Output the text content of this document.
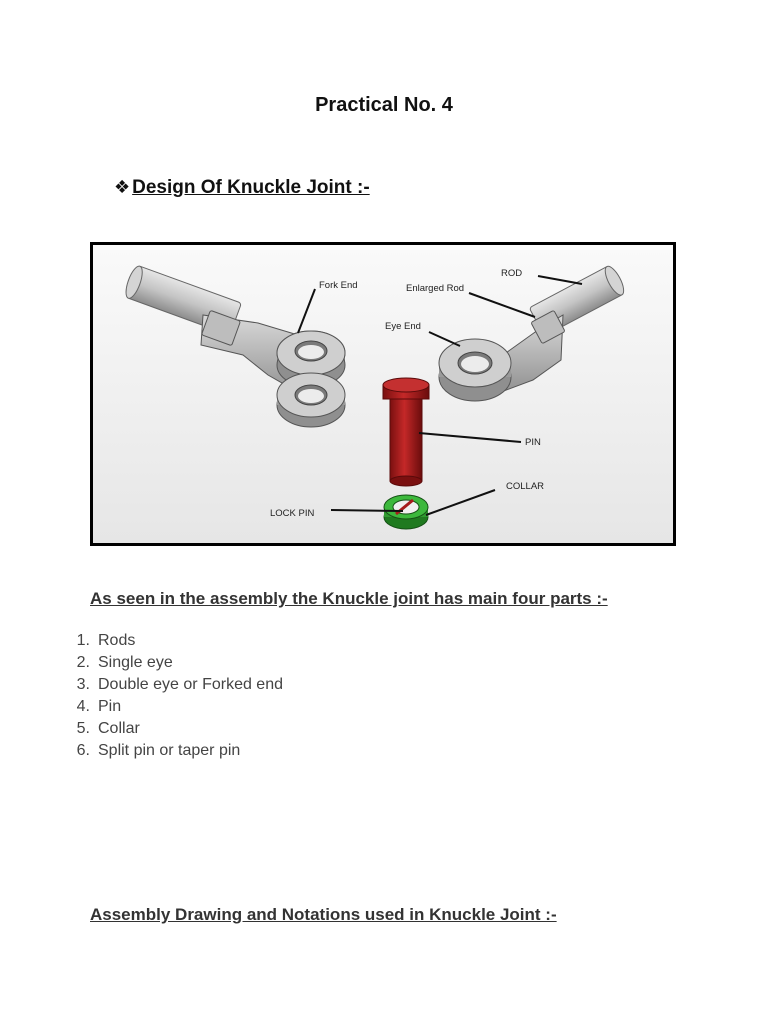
Practical No. 4
❖ Design Of Knuckle Joint :-
Fork End
ROD
Enlarged Rod
Eye End
PIN
COLLAR
LOCK PIN
As seen in the assembly the Knuckle joint has main four parts :-
1. Rods
2. Single eye
3. Double eye or Forked end
4. Pin
5. Collar
6. Split pin or taper pin
Assembly Drawing and Notations used in Knuckle Joint :-
